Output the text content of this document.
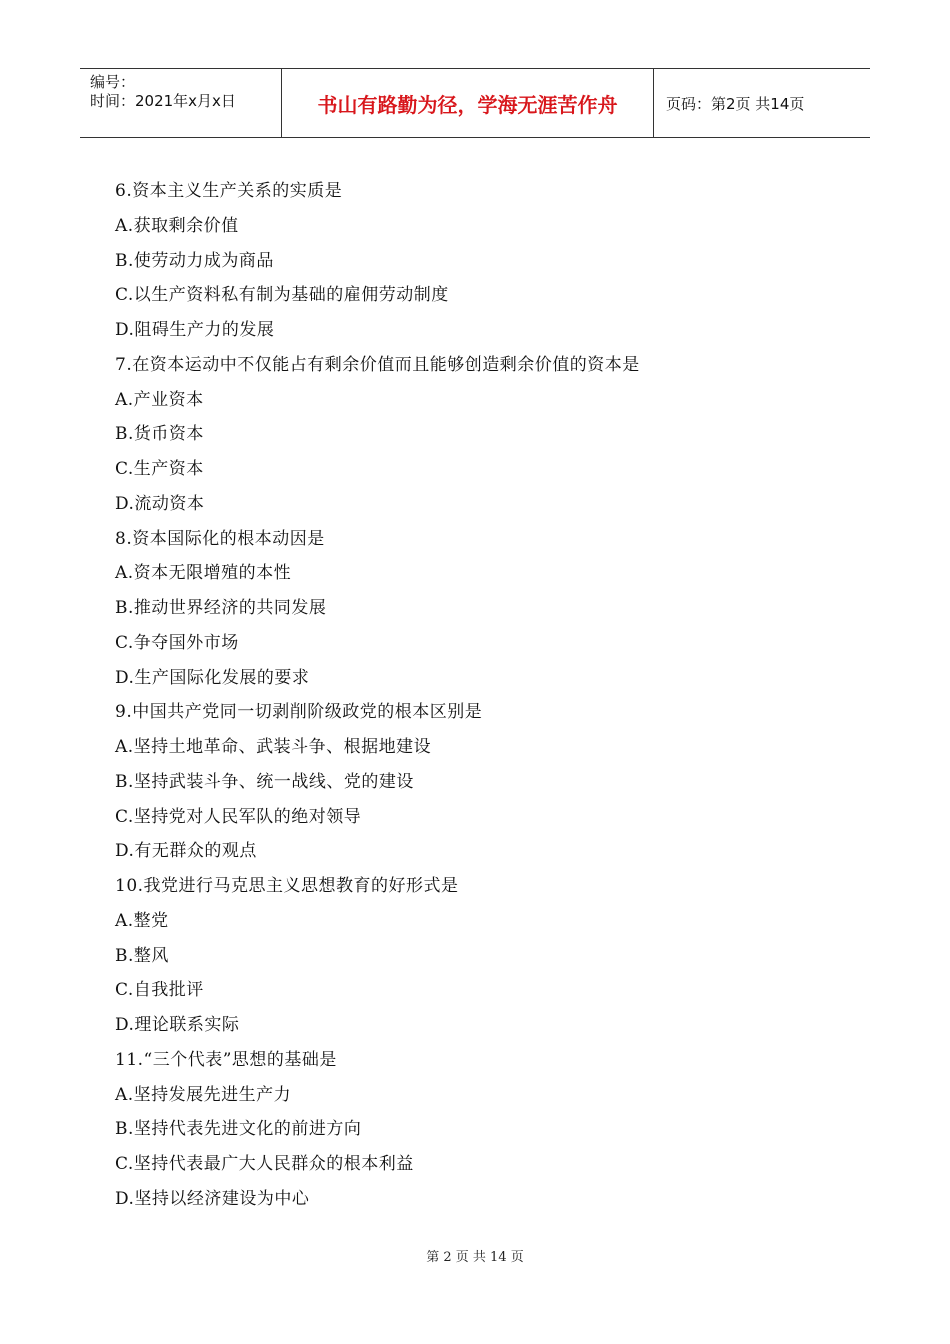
编号：
时间：2021年x月x日	书山有路勤为径，学海无涯苦作舟	页码：第2页 共14页
6.资本主义生产关系的实质是
A.获取剩余价值
B.使劳动力成为商品
C.以生产资料私有制为基础的雇佣劳动制度
D.阻碍生产力的发展
7.在资本运动中不仅能占有剩余价值而且能够创造剩余价值的资本是
A.产业资本
B.货币资本
C.生产资本
D.流动资本
8.资本国际化的根本动因是
A.资本无限增殖的本性
B.推动世界经济的共同发展
C.争夺国外市场
D.生产国际化发展的要求
9.中国共产党同一切剥削阶级政党的根本区别是
A.坚持土地革命、武装斗争、根据地建设
B.坚持武装斗争、统一战线、党的建设
C.坚持党对人民军队的绝对领导
D.有无群众的观点
10.我党进行马克思主义思想教育的好形式是
A.整党
B.整风
C.自我批评
D.理论联系实际
11.“三个代表”思想的基础是
A.坚持发展先进生产力
B.坚持代表先进文化的前进方向
C.坚持代表最广大人民群众的根本利益
D.坚持以经济建设为中心
第 2 页 共 14 页
